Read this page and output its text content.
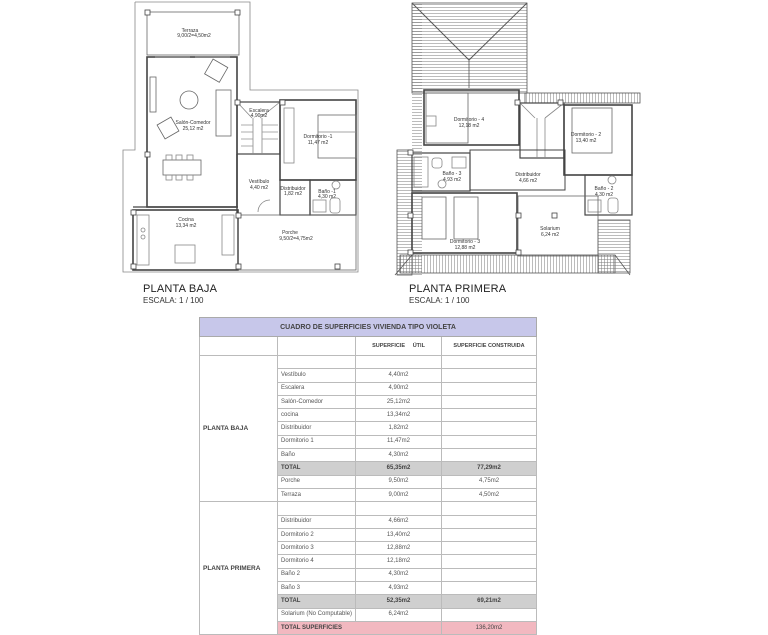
Terraza
9,00/2=4,50m2
Salón-Comedor
25,12 m2
Escalera
4,90m2
Dormitorio -1
11,47 m2
Vestíbulo
4,40 m2 Distribuidor
1,82 m2	Baño -1
4,30 m2
Cocina
13,34 m2
Porche
9,50/2=4,75m2
Dormitorio - 4
12,18 m2
Dormitorio - 2
13,40 m2
Baño - 3
4,93 m2
Distribuidor
4,66 m2
Baño - 2
4,30 m2
Solarium
6,24 m2
Dormitorio - 3
12,88 m2
PLANTA BAJA
ESCALA: 1 / 100
PLANTA PRIMERA
ESCALA: 1 / 100
CUADRO DE SUPERFICIES VIVIENDA TIPO VIOLETA				
		SUPERFICIE     ÚTIL	SUPERFICIE CONSTRUIDA	
PLANTA BAJA				
	Vestíbulo	4,40m2		
	Escalera	4,90m2		
	Salón-Comedor	25,12m2		
	cocina	13,34m2		
	Distribuidor	1,82m2		
	Dormitorio 1	11,47m2		
	Baño	4,30m2		
	TOTAL	65,35m2	77,29m2	
	Porche	9,50m2	4,75m2	
	Terraza	9,00m2	4,50m2	
PLANTA PRIMERA				
	Distribuidor	4,66m2		
	Dormitorio 2	13,40m2		
	Dormitorio 3	12,88m2		
	Dormitorio 4	12,18m2		
	Baño 2	4,30m2		
	Baño 3	4,93m2		
	TOTAL	52,35m2	69,21m2	
	Solarium (No Computable)	6,24m2		
	TOTAL SUPERFICIES		136,20m2	
